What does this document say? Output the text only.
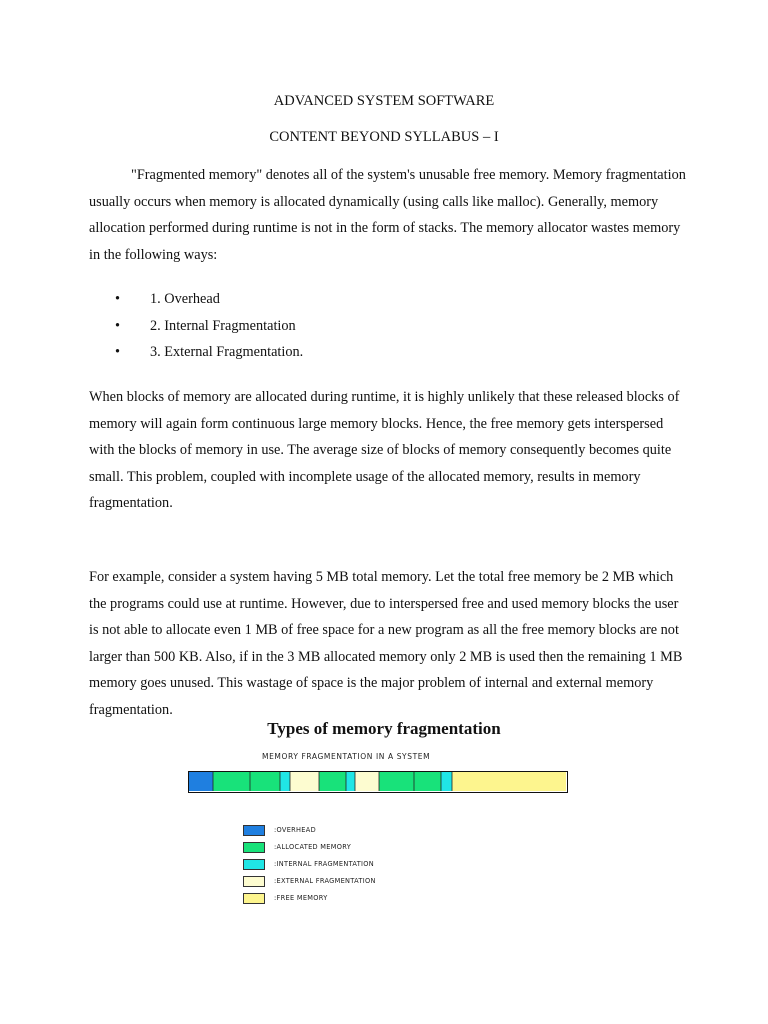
ADVANCED SYSTEM SOFTWARE
CONTENT BEYOND SYLLABUS – I
"Fragmented memory" denotes all of the system's unusable free memory. Memory fragmentation usually occurs when memory is allocated dynamically (using calls like malloc). Generally, memory allocation performed during runtime is not in the form of stacks. The memory allocator wastes memory in the following ways:
• 1. Overhead
• 2. Internal Fragmentation
• 3. External Fragmentation.
When blocks of memory are allocated during runtime, it is highly unlikely that these released blocks of memory will again form continuous large memory blocks. Hence, the free memory gets interspersed with the blocks of memory in use. The average size of blocks of memory consequently becomes quite small. This problem, coupled with incomplete usage of the allocated memory, results in memory fragmentation.
For example, consider a system having 5 MB total memory. Let the total free memory be 2 MB which the programs could use at runtime. However, due to interspersed free and used memory blocks the user is not able to allocate even 1 MB of free space for a new program as all the free memory blocks are not larger than 500 KB. Also, if in the 3 MB allocated memory only 2 MB is used then the remaining 1 MB memory goes unused. This wastage of space is the major problem of internal and external memory fragmentation.
Types of memory fragmentation
MEMORY FRAGMENTATION IN A SYSTEM
:OVERHEAD
:ALLOCATED MEMORY
:INTERNAL FRAGMENTATION
:EXTERNAL FRAGMENTATION
:FREE MEMORY
